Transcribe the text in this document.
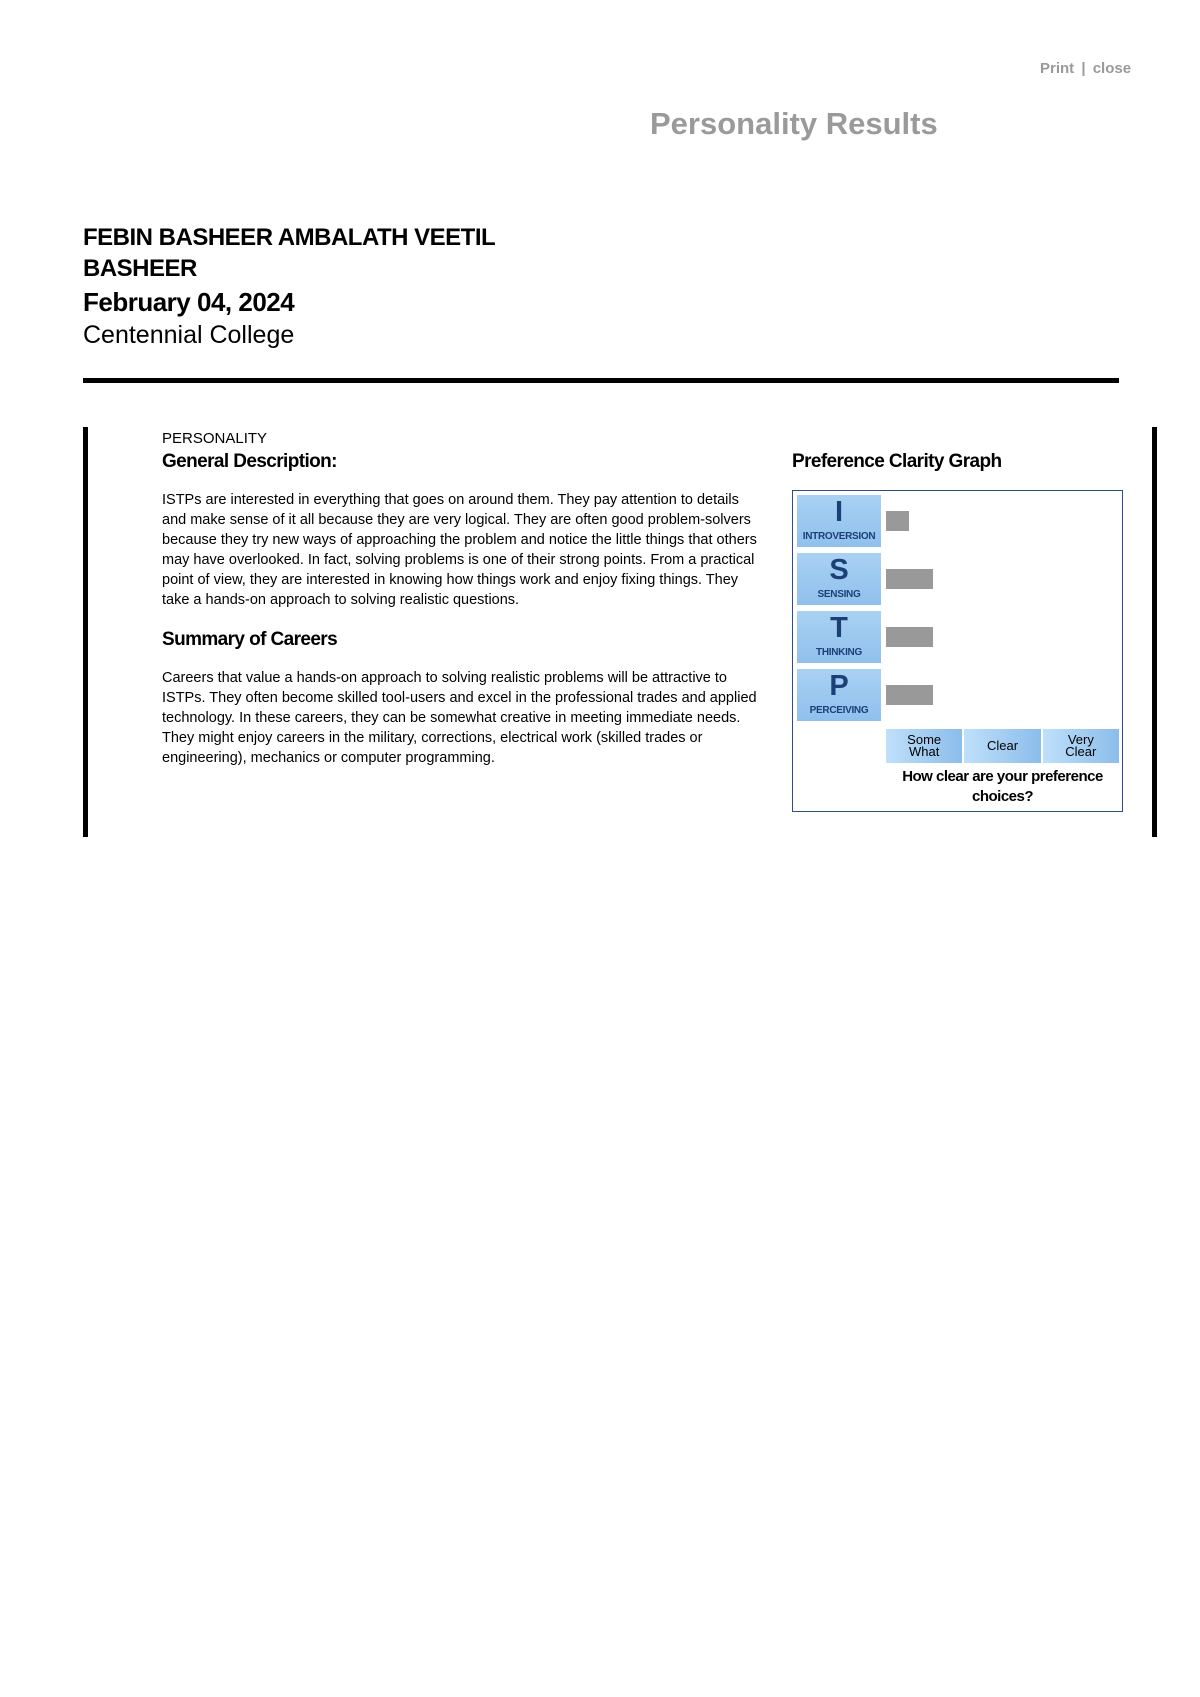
Print | close
Personality Results
FEBIN BASHEER AMBALATH VEETIL BASHEER
February 04, 2024
Centennial College
PERSONALITY
General Description:

ISTPs are interested in everything that goes on around them. They pay attention to details and make sense of it all because they are very logical. They are often good problem-solvers because they try new ways of approaching the problem and notice the little things that others may have overlooked. In fact, solving problems is one of their strong points. From a practical point of view, they are interested in knowing how things work and enjoy fixing things. They take a hands-on approach to solving realistic questions.

Summary of Careers

Careers that value a hands-on approach to solving realistic problems will be attractive to ISTPs. They often become skilled tool-users and excel in the professional trades and applied technology. In these careers, they can be somewhat creative in meeting immediate needs. They might enjoy careers in the military, corrections, electrical work (skilled trades or engineering), mechanics or computer programming.

Preference Clarity Graph
Some
What	Clear	Very
Clear
How clear are your preference choices?
I
INTROVERSION
S
SENSING
T
THINKING
P
PERCEIVING
